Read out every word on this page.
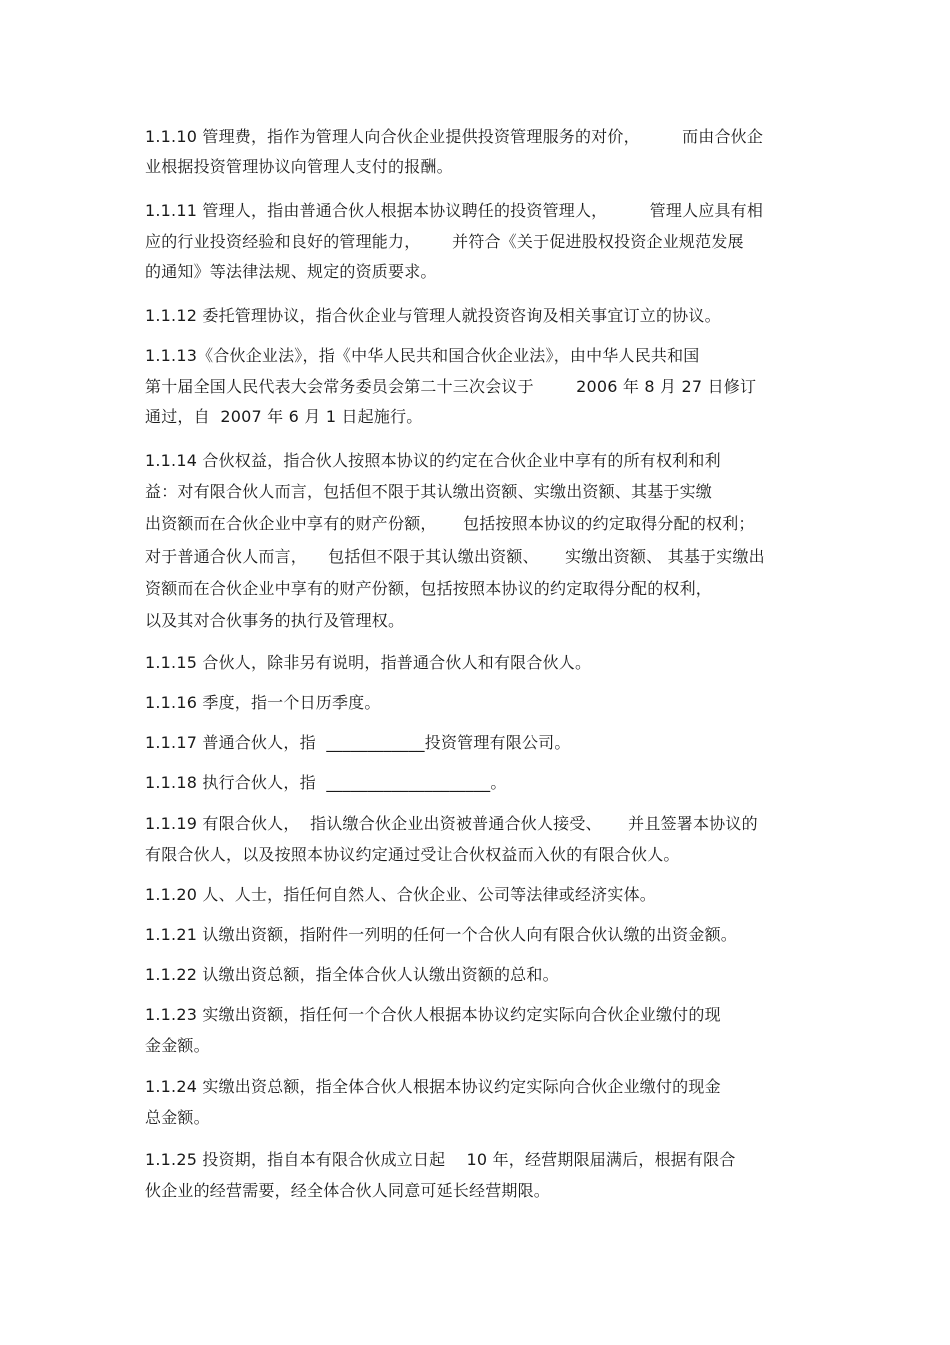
1.1.10 管理费，指作为管理人向合伙企业提供投资管理服务的对价，        而由合伙企
业根据投资管理协议向管理人支付的报酬。
1.1.11 管理人，指由普通合伙人根据本协议聘任的投资管理人，        管理人应具有相
应的行业投资经验和良好的管理能力，      并符合《关于促进股权投资企业规范发展
的通知》等法律法规、规定的资质要求。
1.1.12 委托管理协议，指合伙企业与管理人就投资咨询及相关事宜订立的协议。
1.1.13《合伙企业法》，指《中华人民共和国合伙企业法》，由中华人民共和国
第十届全国人民代表大会常务委员会第二十三次会议于        2006 年 8 月 27 日修订
通过，自  2007 年 6 月 1 日起施行。
1.1.14 合伙权益，指合伙人按照本协议的约定在合伙企业中享有的所有权利和利
益：对有限合伙人而言，包括但不限于其认缴出资额、实缴出资额、其基于实缴
出资额而在合伙企业中享有的财产份额，     包括按照本协议的约定取得分配的权利；
对于普通合伙人而言，    包括但不限于其认缴出资额、     实缴出资额、 其基于实缴出
资额而在合伙企业中享有的财产份额，包括按照本协议的约定取得分配的权利，
以及其对合伙事务的执行及管理权。
1.1.15 合伙人，除非另有说明，指普通合伙人和有限合伙人。
1.1.16 季度，指一个日历季度。
1.1.17 普通合伙人，指  ____________投资管理有限公司。
1.1.18 执行合伙人，指  ____________________。
1.1.19 有限合伙人，  指认缴合伙企业出资被普通合伙人接受、     并且签署本协议的
有限合伙人，以及按照本协议约定通过受让合伙权益而入伙的有限合伙人。
1.1.20 人、人士，指任何自然人、合伙企业、公司等法律或经济实体。
1.1.21 认缴出资额，指附件一列明的任何一个合伙人向有限合伙认缴的出资金额。
1.1.22 认缴出资总额，指全体合伙人认缴出资额的总和。
1.1.23 实缴出资额，指任何一个合伙人根据本协议约定实际向合伙企业缴付的现
金金额。
1.1.24 实缴出资总额，指全体合伙人根据本协议约定实际向合伙企业缴付的现金
总金额。
1.1.25 投资期，指自本有限合伙成立日起    10 年，经营期限届满后，根据有限合
伙企业的经营需要，经全体合伙人同意可延长经营期限。
